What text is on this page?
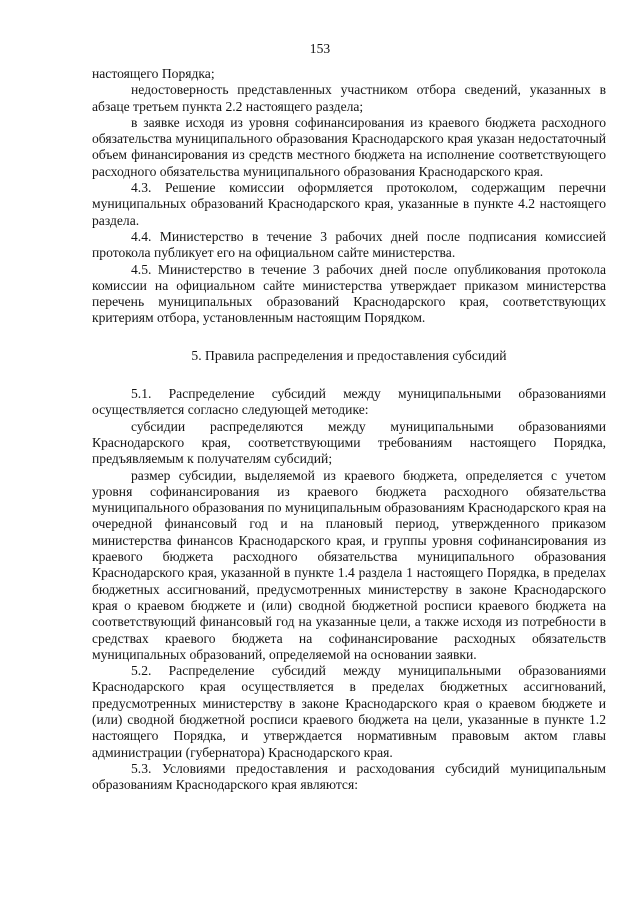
153

настоящего Порядка;

недостоверность представленных участником отбора сведений, указанных в абзаце третьем пункта 2.2 настоящего раздела;

в заявке исходя из уровня софинансирования из краевого бюджета расходного обязательства муниципального образования Краснодарского края указан недостаточный объем финансирования из средств местного бюджета на исполнение соответствующего расходного обязательства муниципального образования Краснодарского края.

4.3. Решение комиссии оформляется протоколом, содержащим перечни муниципальных образований Краснодарского края, указанные в пункте 4.2 настоящего раздела.

4.4. Министерство в течение 3 рабочих дней после подписания комиссией протокола публикует его на официальном сайте министерства.

4.5. Министерство в течение 3 рабочих дней после опубликования протокола комиссии на официальном сайте министерства утверждает приказом министерства перечень муниципальных образований Краснодарского края, соответствующих критериям отбора, установленным настоящим Порядком.

5. Правила распределения и предоставления субсидий

5.1. Распределение субсидий между муниципальными образованиями осуществляется согласно следующей методике:

субсидии распределяются между муниципальными образованиями Краснодарского края, соответствующими требованиям настоящего Порядка, предъявляемым к получателям субсидий;

размер субсидии, выделяемой из краевого бюджета, определяется с учетом уровня софинансирования из краевого бюджета расходного обязательства муниципального образования по муниципальным образованиям Краснодарского края на очередной финансовый год и на плановый период, утвержденного приказом министерства финансов Краснодарского края, и группы уровня софинансирования из краевого бюджета расходного обязательства муниципального образования Краснодарского края, указанной в пункте 1.4 раздела 1 настоящего Порядка, в пределах бюджетных ассигнований, предусмотренных министерству в законе Краснодарского края о краевом бюджете и (или) сводной бюджетной росписи краевого бюджета на соответствующий финансовый год на указанные цели, а также исходя из потребности в средствах краевого бюджета на софинансирование расходных обязательств муниципальных образований, определяемой на основании заявки.

5.2. Распределение субсидий между муниципальными образованиями Краснодарского края осуществляется в пределах бюджетных ассигнований, предусмотренных министерству в законе Краснодарского края о краевом бюджете и (или) сводной бюджетной росписи краевого бюджета на цели, указанные в пункте 1.2 настоящего Порядка, и утверждается нормативным правовым актом главы администрации (губернатора) Краснодарского края.

5.3. Условиями предоставления и расходования субсидий муниципальным образованиям Краснодарского края являются:
